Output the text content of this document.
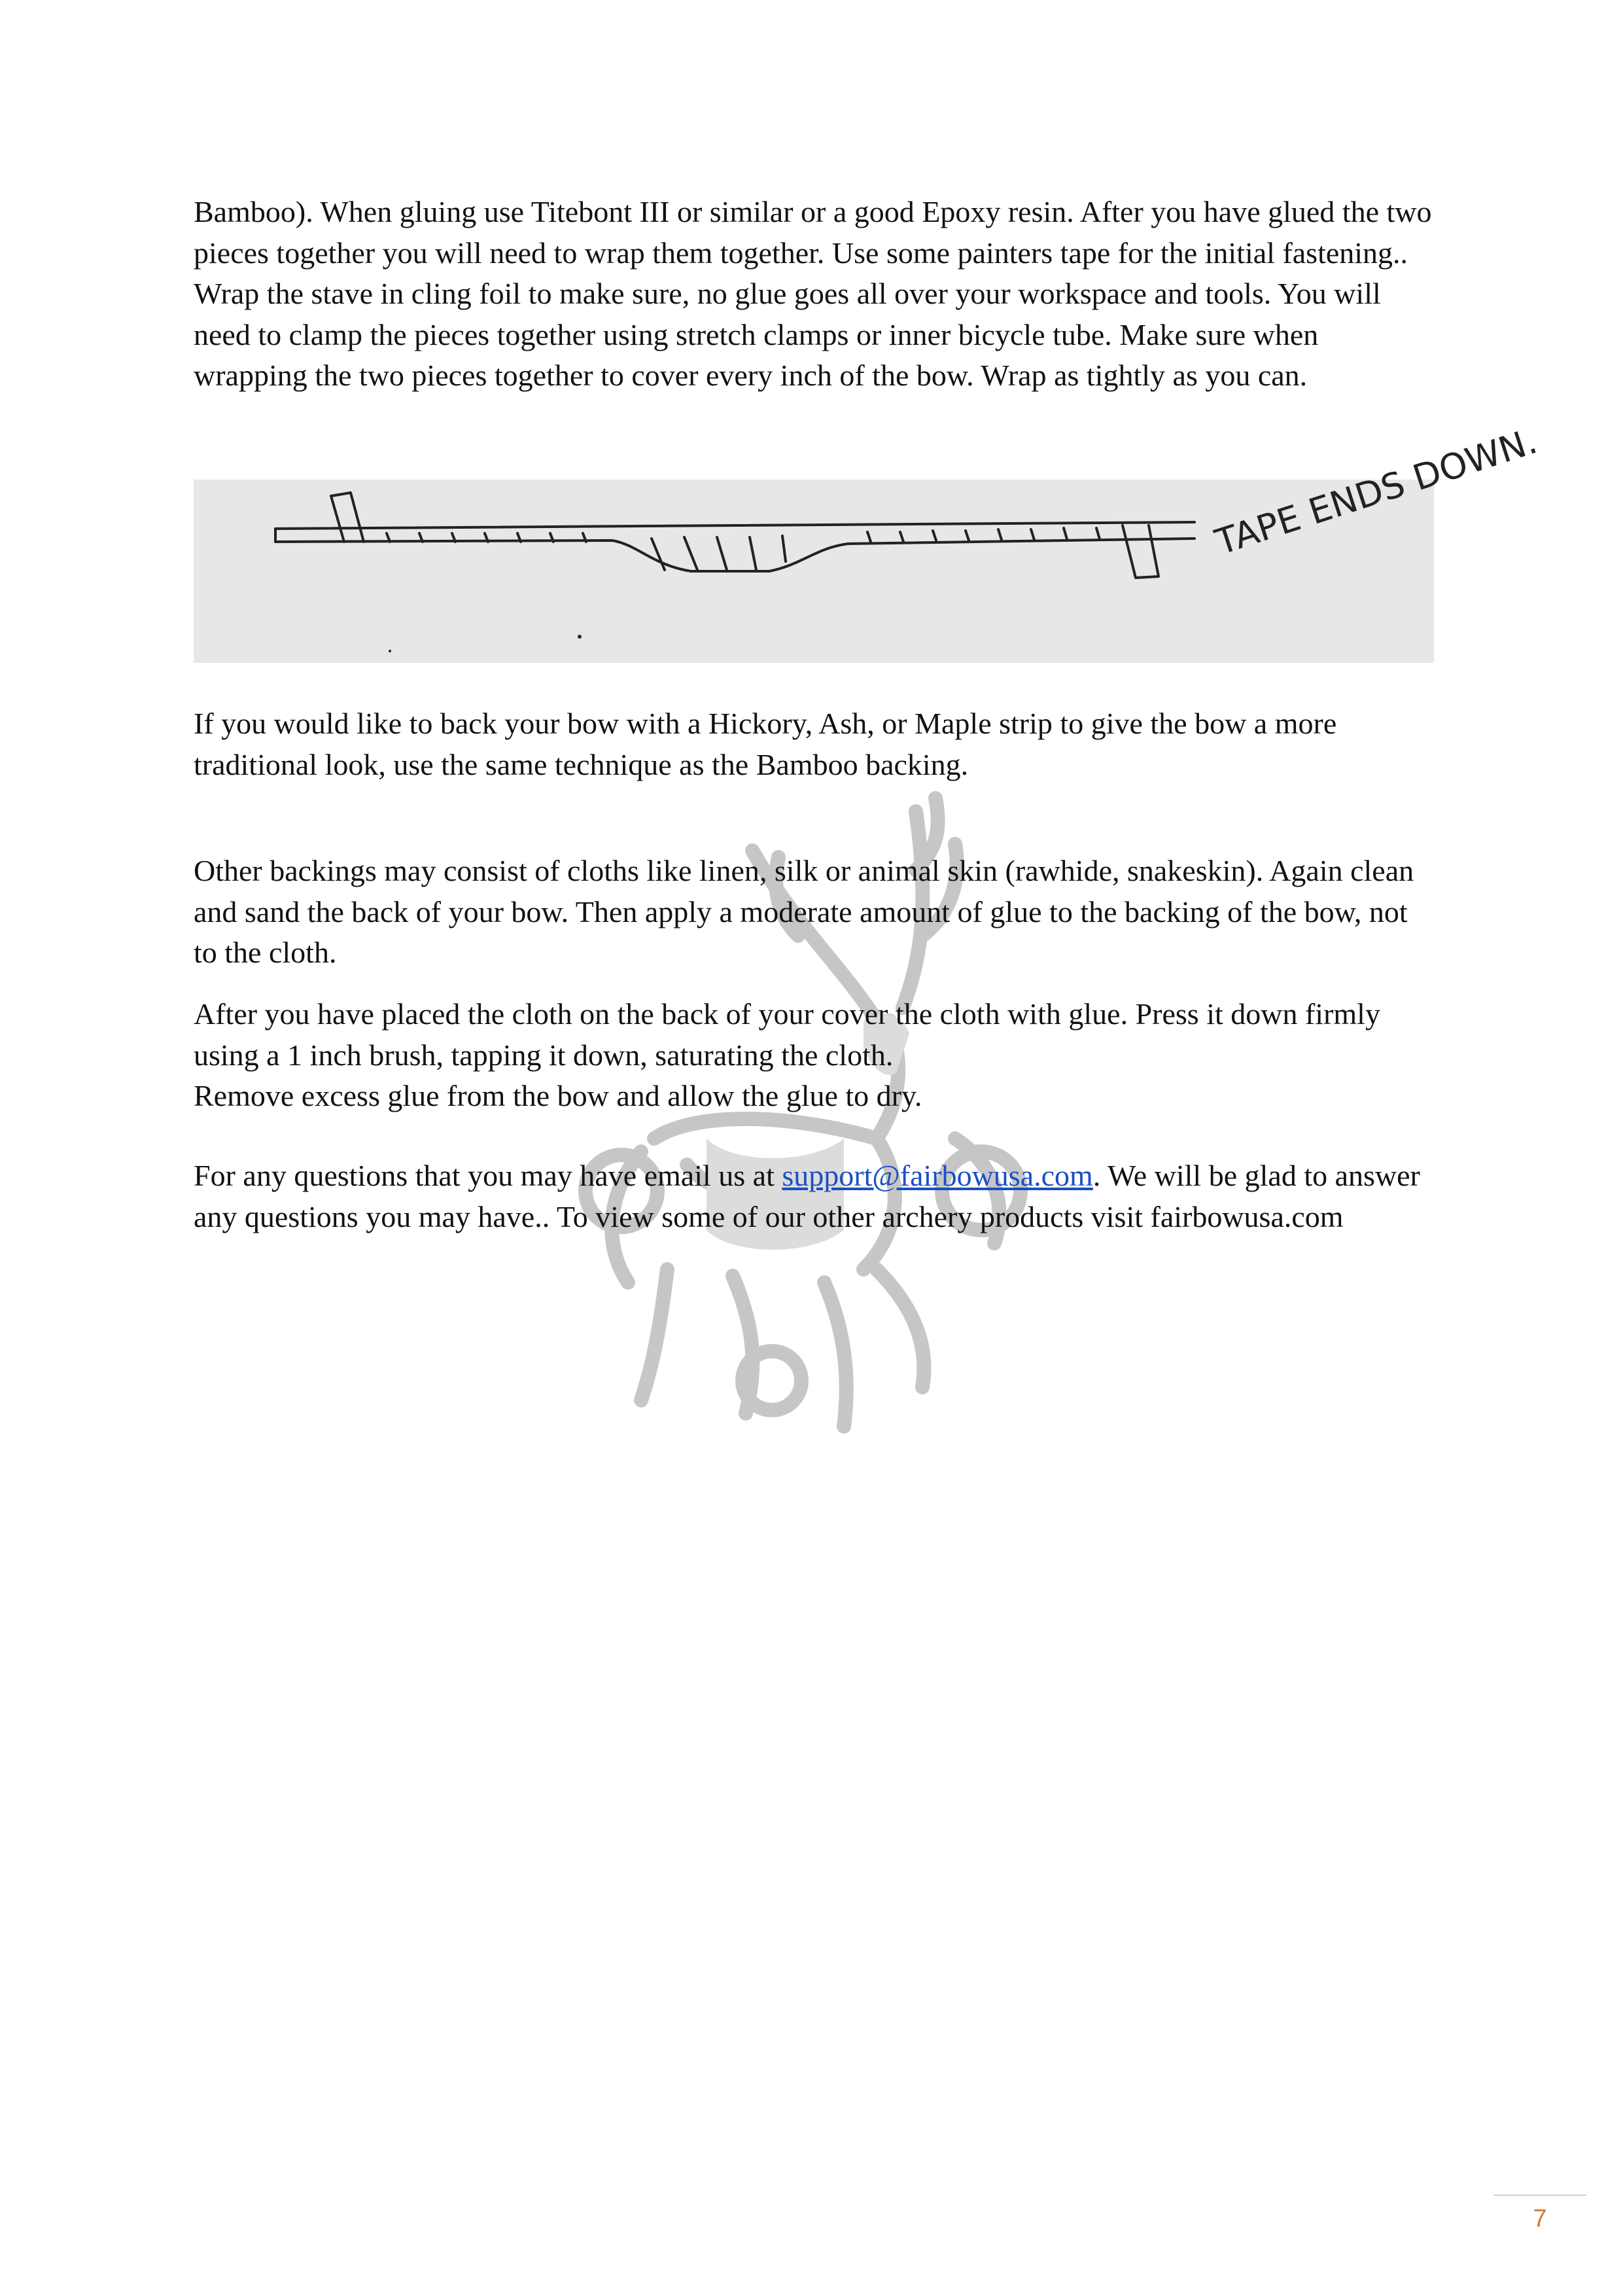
Bamboo). When gluing use Titebont III or similar or a good Epoxy resin. After you have glued the two pieces together you will need to wrap them together. Use some painters tape for the initial fastening.. Wrap the stave in cling foil to make sure, no glue goes all over your workspace and tools. You will need to clamp the pieces together using stretch clamps or inner bicycle tube. Make sure when wrapping the two pieces together to cover every inch of the bow. Wrap as tightly as you can.

TAPE ENDS DOWN.

If you would like to back your bow with a Hickory, Ash, or Maple strip to give the bow a more traditional look, use the same technique as the Bamboo backing.

Other backings may consist of cloths like linen, silk or animal skin (rawhide, snakeskin). Again clean and sand the back of your bow. Then apply a moderate amount of glue to the backing of the bow, not to the cloth.

After you have placed the cloth on the back of your cover the cloth with glue. Press it down firmly using a 1 inch brush, tapping it down, saturating the cloth.

Remove excess glue from the bow and allow the glue to dry.

For any questions that you may have email us at support@fairbowusa.com. We will be glad to answer any questions you may have.. To view some of our other archery products visit fairbowusa.com

7
